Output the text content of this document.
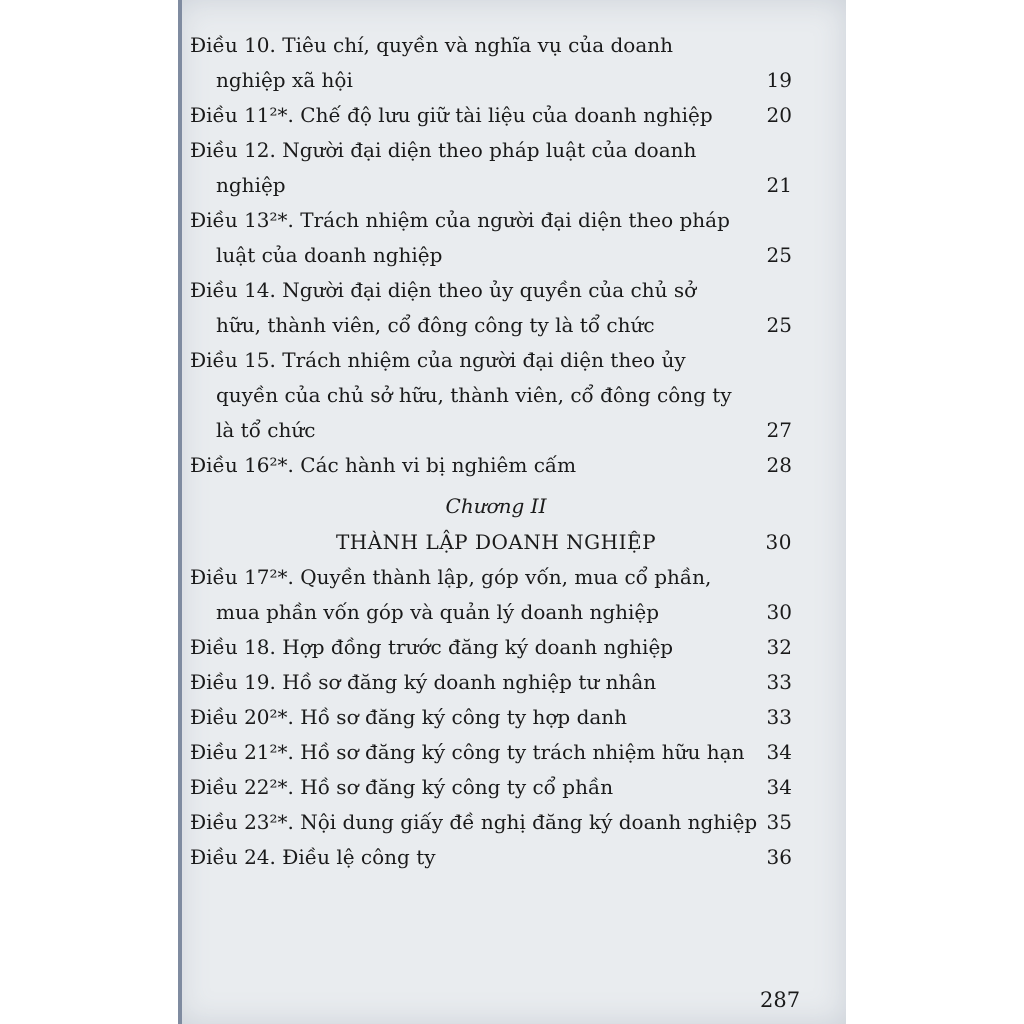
Điều 10. Tiêu chí, quyền và nghĩa vụ của doanh
nghiệp xã hội	19
Điều 11²*. Chế độ lưu giữ tài liệu của doanh nghiệp	20
Điều 12. Người đại diện theo pháp luật của doanh
nghiệp	21
Điều 13²*. Trách nhiệm của người đại diện theo pháp
luật của doanh nghiệp	25
Điều 14. Người đại diện theo ủy quyền của chủ sở
hữu, thành viên, cổ đông công ty là tổ chức	25
Điều 15. Trách nhiệm của người đại diện theo ủy
quyền của chủ sở hữu, thành viên, cổ đông công ty
là tổ chức	27
Điều 16²*. Các hành vi bị nghiêm cấm	28
Chương II
THÀNH LẬP DOANH NGHIỆP	30
Điều 17²*. Quyền thành lập, góp vốn, mua cổ phần,
mua phần vốn góp và quản lý doanh nghiệp	30
Điều 18. Hợp đồng trước đăng ký doanh nghiệp	32
Điều 19. Hồ sơ đăng ký doanh nghiệp tư nhân	33
Điều 20²*. Hồ sơ đăng ký công ty hợp danh	33
Điều 21²*. Hồ sơ đăng ký công ty trách nhiệm hữu hạn	34
Điều 22²*. Hồ sơ đăng ký công ty cổ phần	34
Điều 23²*. Nội dung giấy đề nghị đăng ký doanh nghiệp 35
Điều 24. Điều lệ công ty	36
287
